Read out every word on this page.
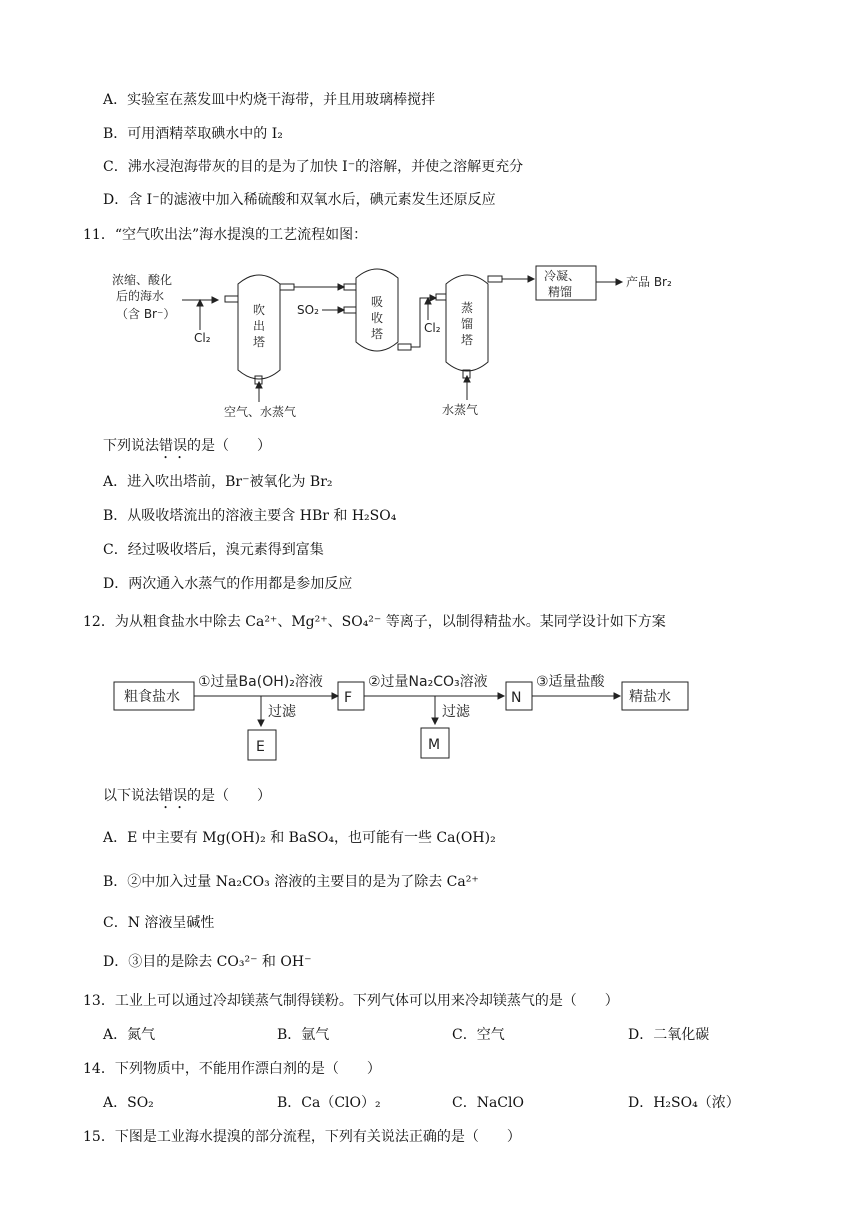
A．实验室在蒸发皿中灼烧干海带，并且用玻璃棒搅拌
B．可用酒精萃取碘水中的 I₂
C．沸水浸泡海带灰的目的是为了加快 I⁻的溶解，并使之溶解更充分
D．含 I⁻的滤液中加入稀硫酸和双氧水后，碘元素发生还原反应
11．“空气吹出法”海水提溴的工艺流程如图：
浓缩、酸化
后的海水
（含 Br⁻）
Cl₂
SO₂
Cl₂
吹
出
塔
吸
收
塔
蒸
馏
塔
空气、水蒸气	水蒸气
冷凝、
精馏
产品 Br₂
下列说法错误的是（　　）
A．进入吹出塔前，Br⁻被氧化为 Br₂
B．从吸收塔流出的溶液主要含 HBr 和 H₂SO₄
C．经过吸收塔后，溴元素得到富集
D．两次通入水蒸气的作用都是参加反应
12．为从粗食盐水中除去 Ca²⁺、Mg²⁺、SO₄²⁻ 等离子，以制得精盐水。某同学设计如下方案
粗食盐水
①过量Ba(OH)₂溶液
F
②过量Na₂CO₃溶液
N
③适量盐酸
精盐水
过滤
E
过滤
M
以下说法错误的是（　　）
A．E 中主要有 Mg(OH)₂ 和 BaSO₄，也可能有一些 Ca(OH)₂
B．②中加入过量 Na₂CO₃ 溶液的主要目的是为了除去 Ca²⁺
C．N 溶液呈碱性
D．③目的是除去 CO₃²⁻ 和 OH⁻
13．工业上可以通过冷却镁蒸气制得镁粉。下列气体可以用来冷却镁蒸气的是（　　）
A．氮气	B．氩气	C．空气	D．二氧化碳
14．下列物质中，不能用作漂白剂的是（　　）
A．SO₂	B．Ca（ClO）₂	C．NaClO	D．H₂SO₄（浓）
15．下图是工业海水提溴的部分流程，下列有关说法正确的是（　　）
